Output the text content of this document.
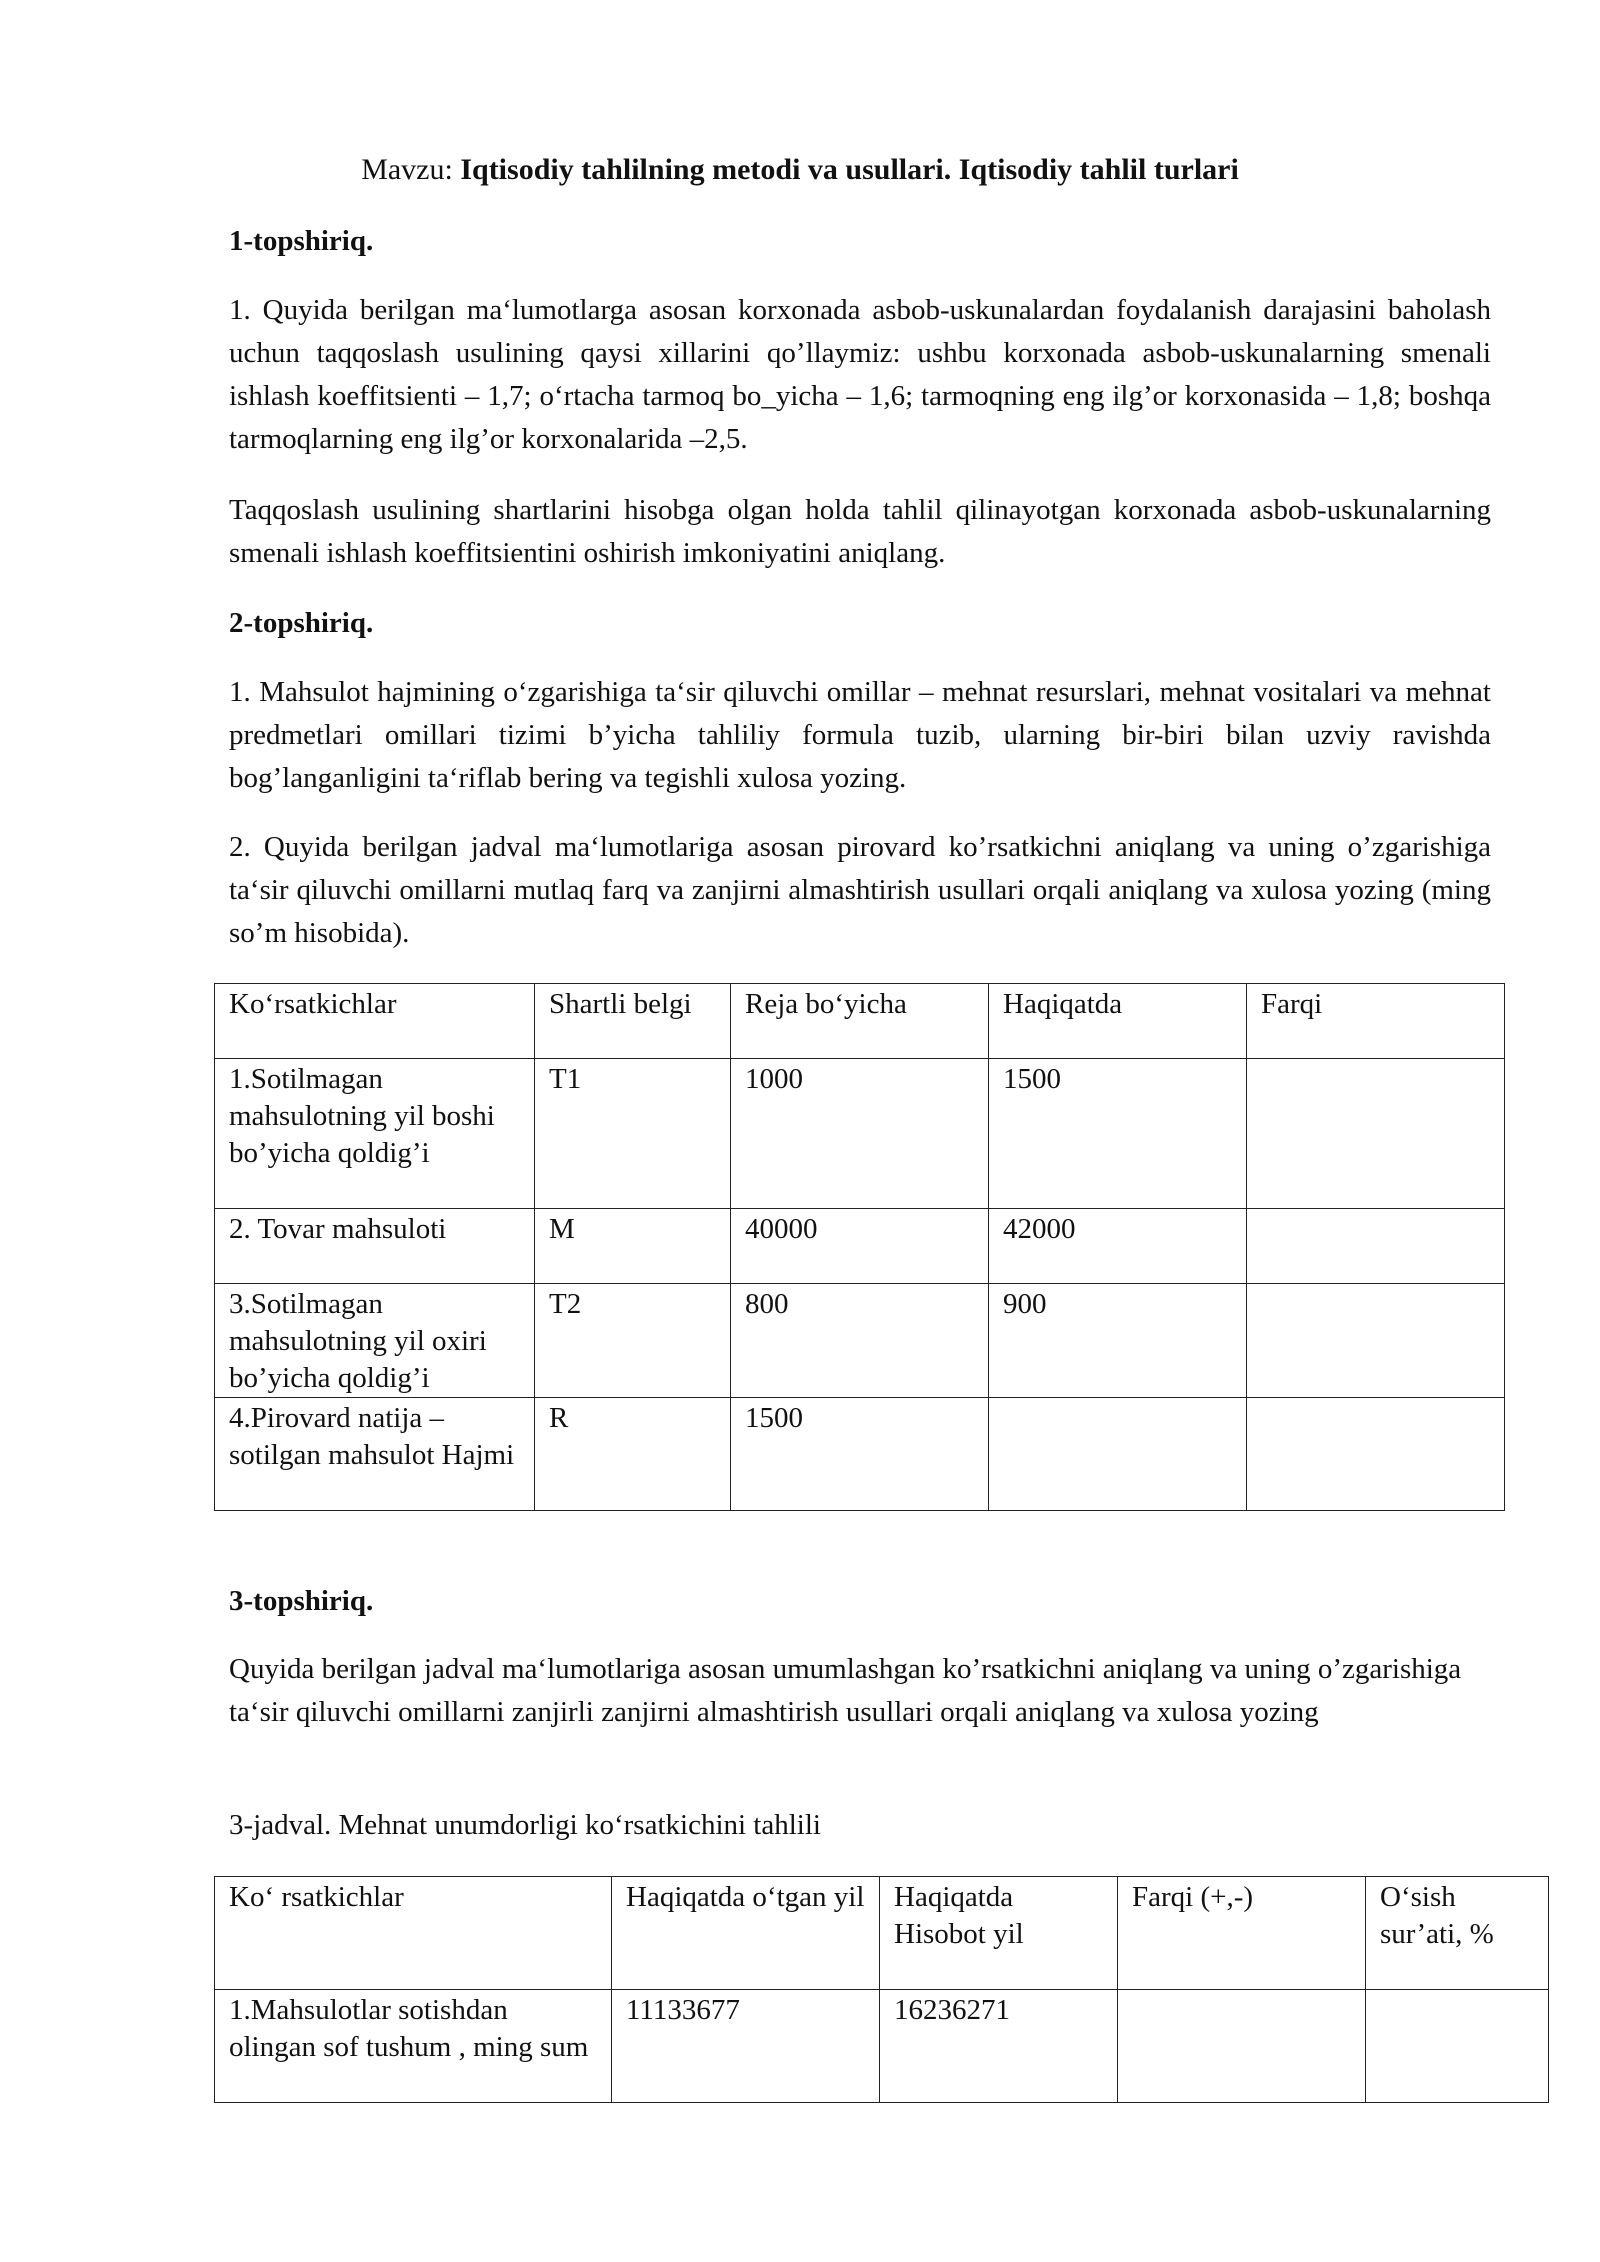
Mavzu: Iqtisodiy tahlilning metodi va usullari. Iqtisodiy tahlil turlari

1-topshiriq.

1. Quyida berilgan ma‘lumotlarga asosan korxonada asbob-uskunalardan foydalanish darajasini baholash uchun taqqoslash usulining qaysi xillarini qo’llaymiz: ushbu korxonada asbob-uskunalarning smenali ishlash koeffitsienti – 1,7; o‘rtacha tarmoq bo_yicha – 1,6; tarmoqning eng ilg’or korxonasida – 1,8; boshqa tarmoqlarning eng ilg’or korxonalarida –2,5.

Taqqoslash usulining shartlarini hisobga olgan holda tahlil qilinayotgan korxonada asbob-uskunalarning smenali ishlash koeffitsientini oshirish imkoniyatini aniqlang.

2-topshiriq.

1. Mahsulot hajmining o‘zgarishiga ta‘sir qiluvchi omillar – mehnat resurslari, mehnat vositalari va mehnat predmetlari omillari tizimi b’yicha tahliliy formula tuzib, ularning bir-biri bilan uzviy ravishda bog’langanligini ta‘riflab bering va tegishli xulosa yozing.

2. Quyida berilgan jadval ma‘lumotlariga asosan pirovard ko’rsatkichni aniqlang va uning o’zgarishiga ta‘sir qiluvchi omillarni mutlaq farq va zanjirni almashtirish usullari orqali aniqlang va xulosa yozing (ming so’m hisobida).

Ko‘rsatkichlar	Shartli belgi	Reja bo‘yicha	Haqiqatda	Farqi
1.Sotilmagan mahsulotning yil boshi bo’yicha qoldig’i	T1	1000	1500	
2. Tovar mahsuloti	M	40000	42000	
3.Sotilmagan mahsulotning yil oxiri bo’yicha qoldig’i	T2	800	900	
4.Pirovard natija – sotilgan mahsulot Hajmi	R	1500		

3-topshiriq.

Quyida berilgan jadval ma‘lumotlariga asosan umumlashgan ko’rsatkichni aniqlang va uning o’zgarishiga ta‘sir qiluvchi omillarni zanjirli zanjirni almashtirish usullari orqali aniqlang va xulosa yozing

3-jadval. Mehnat unumdorligi ko‘rsatkichini tahlili

Ko‘ rsatkichlar	Haqiqatda o‘tgan yil	Haqiqatda Hisobot yil	Farqi (+,-)	O‘sish sur’ati, %
1.Mahsulotlar sotishdan olingan sof tushum , ming sum	11133677	16236271		
